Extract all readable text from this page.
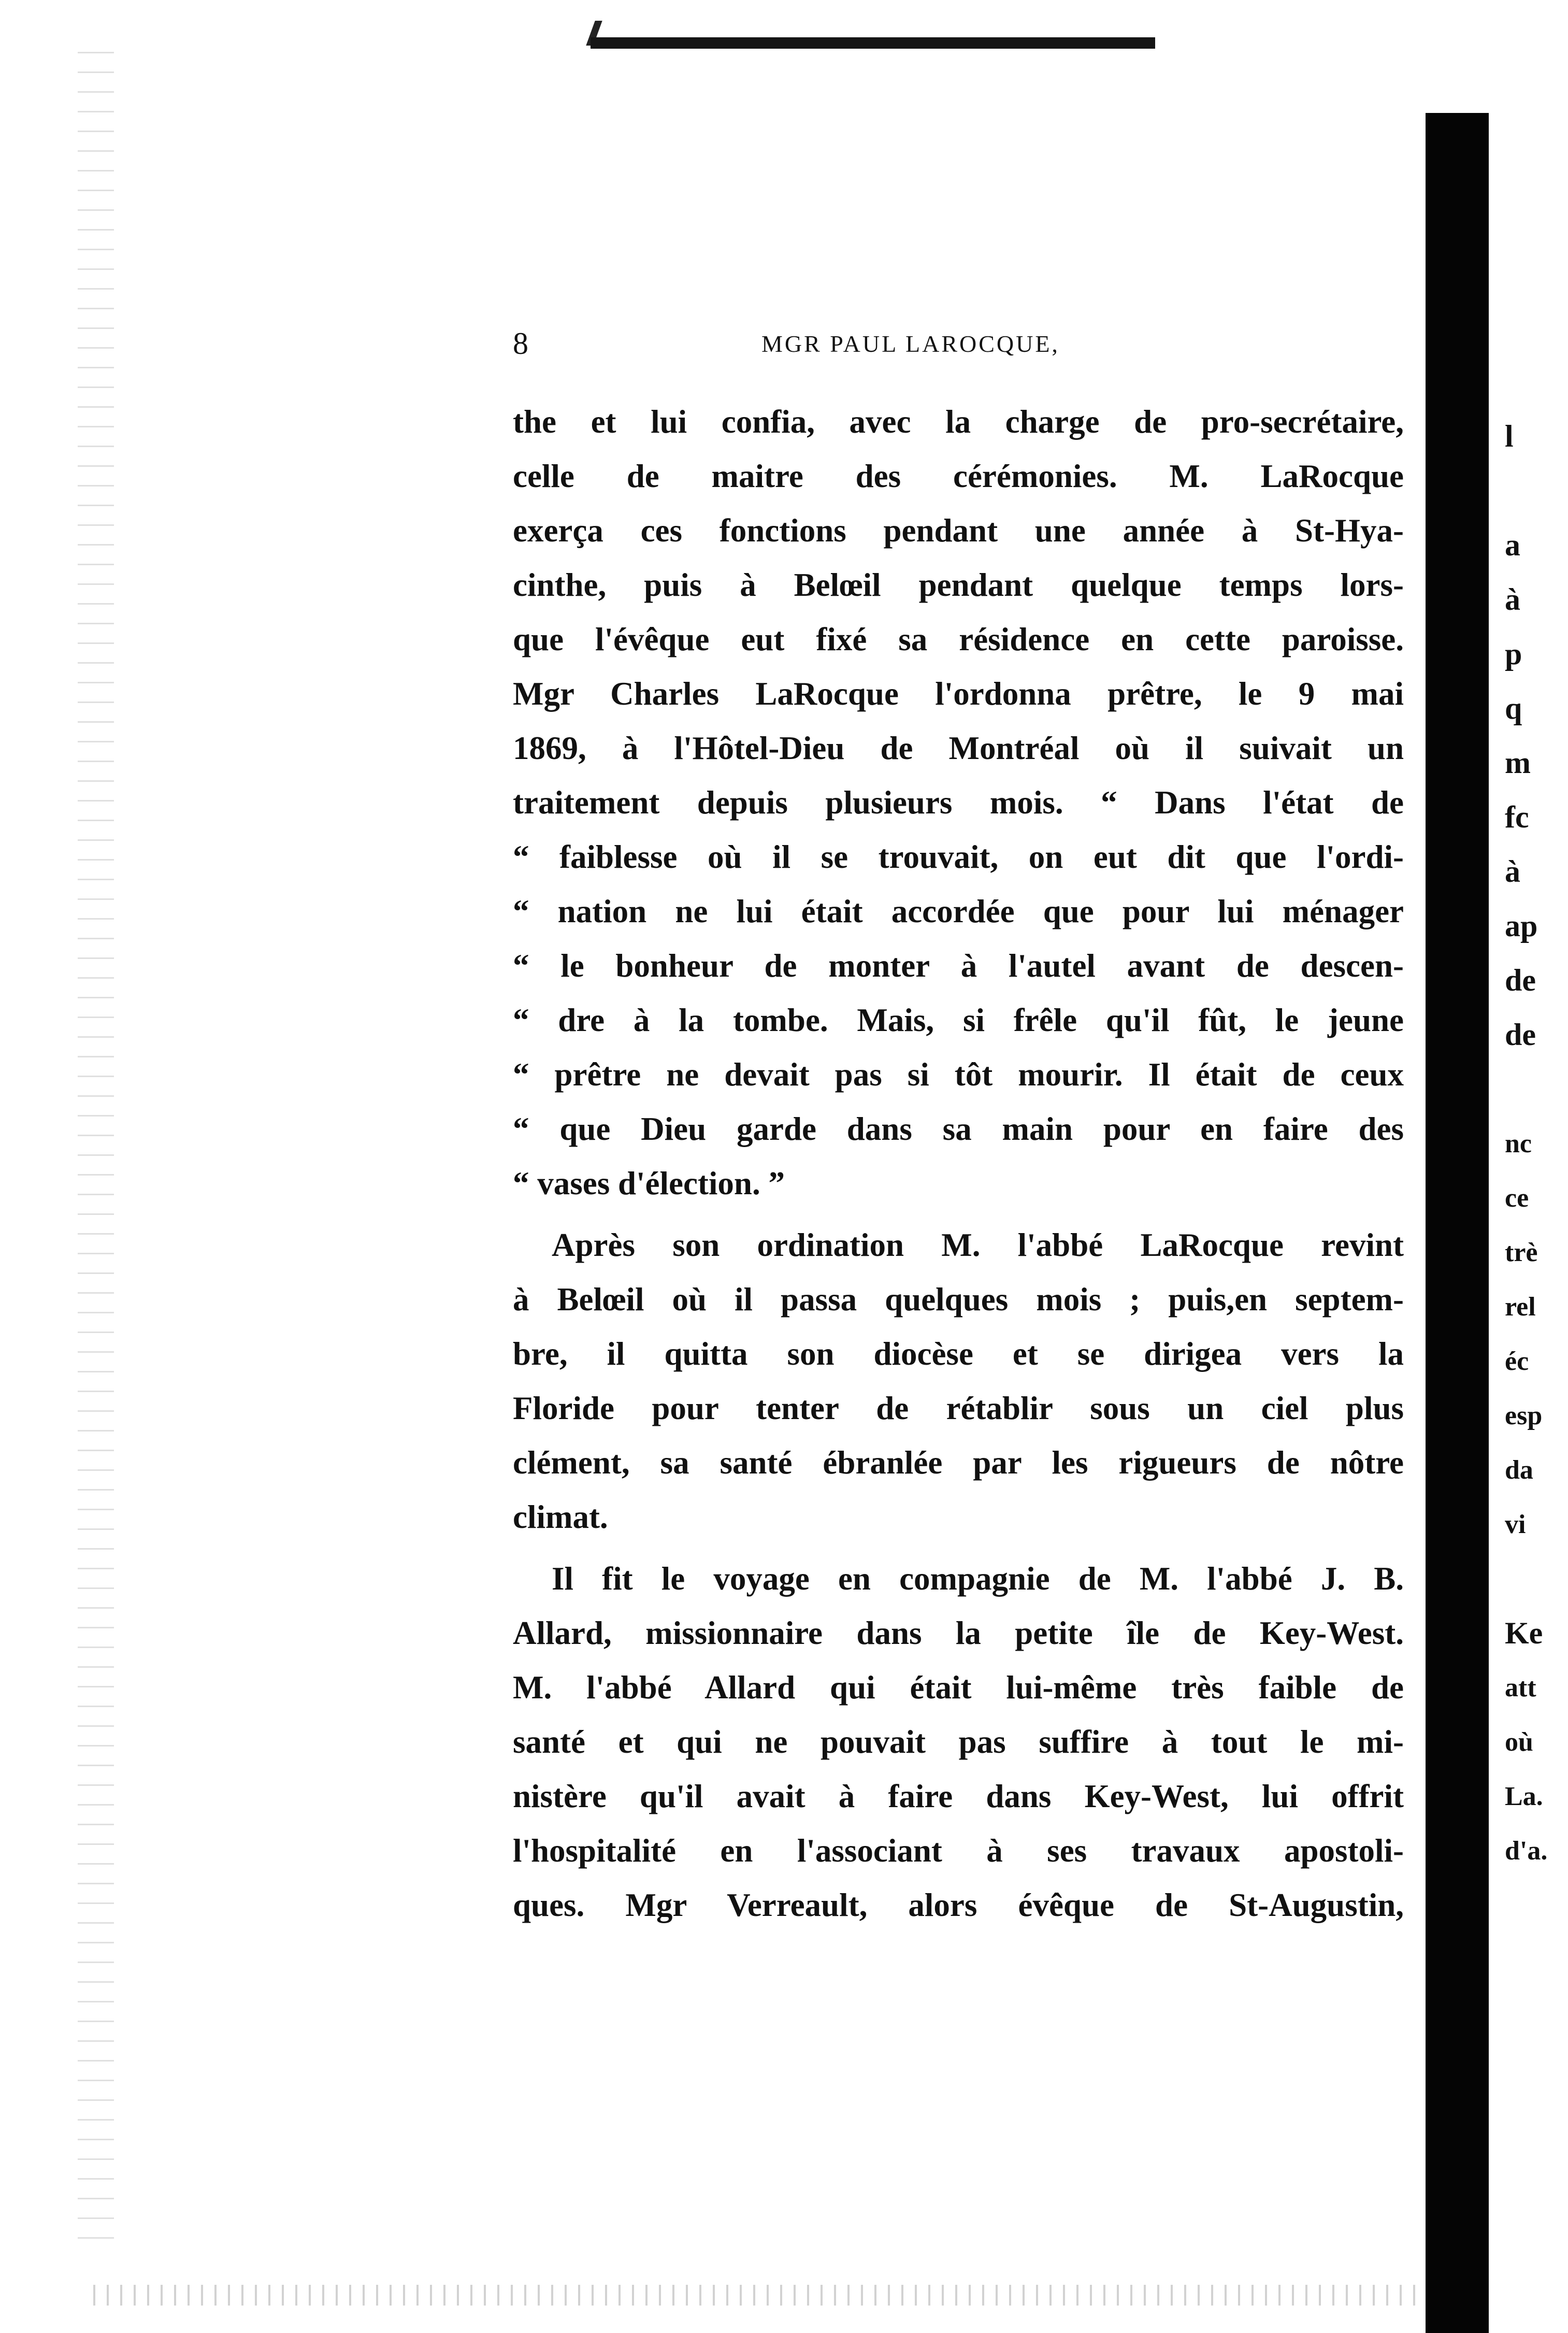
8	MGR PAUL LAROCQUE,
the et lui confia, avec la charge de pro-secrétaire,
celle de maitre des cérémonies. M. LaRocque
exerça ces fonctions pendant une année à St-Hya-
cinthe, puis à Belœil pendant quelque temps lors-
que l'évêque eut fixé sa résidence en cette paroisse.
Mgr Charles LaRocque l'ordonna prêtre, le 9 mai
1869, à l'Hôtel-Dieu de Montréal où il suivait un
traitement depuis plusieurs mois. “ Dans l'état de
“ faiblesse où il se trouvait, on eut dit que l'ordi-
“ nation ne lui était accordée que pour lui ménager
“ le bonheur de monter à l'autel avant de descen-
“ dre à la tombe. Mais, si frêle qu'il fût, le jeune
“ prêtre ne devait pas si tôt mourir. Il était de ceux
“ que Dieu garde dans sa main pour en faire des
“ vases d'élection. ”
Après son ordination M. l'abbé LaRocque revint
à Belœil où il passa quelques mois ; puis,en septem-
bre, il quitta son diocèse et se dirigea vers la
Floride pour tenter de rétablir sous un ciel plus
clément, sa santé ébranlée par les rigueurs de nôtre
climat.
Il fit le voyage en compagnie de M. l'abbé J. B.
Allard, missionnaire dans la petite île de Key-West.
M. l'abbé Allard qui était lui-même très faible de
santé et qui ne pouvait pas suffire à tout le mi-
nistère qu'il avait à faire dans Key-West, lui offrit
l'hospitalité en l'associant à ses travaux apostoli-
ques. Mgr Verreault, alors évêque de St-Augustin,
l
a
à
p
q
m
fc
à
ap
de
de
nc
ce
trè
rel
éc
esp
da
vi
Ke
att
où
La.
d'a.
